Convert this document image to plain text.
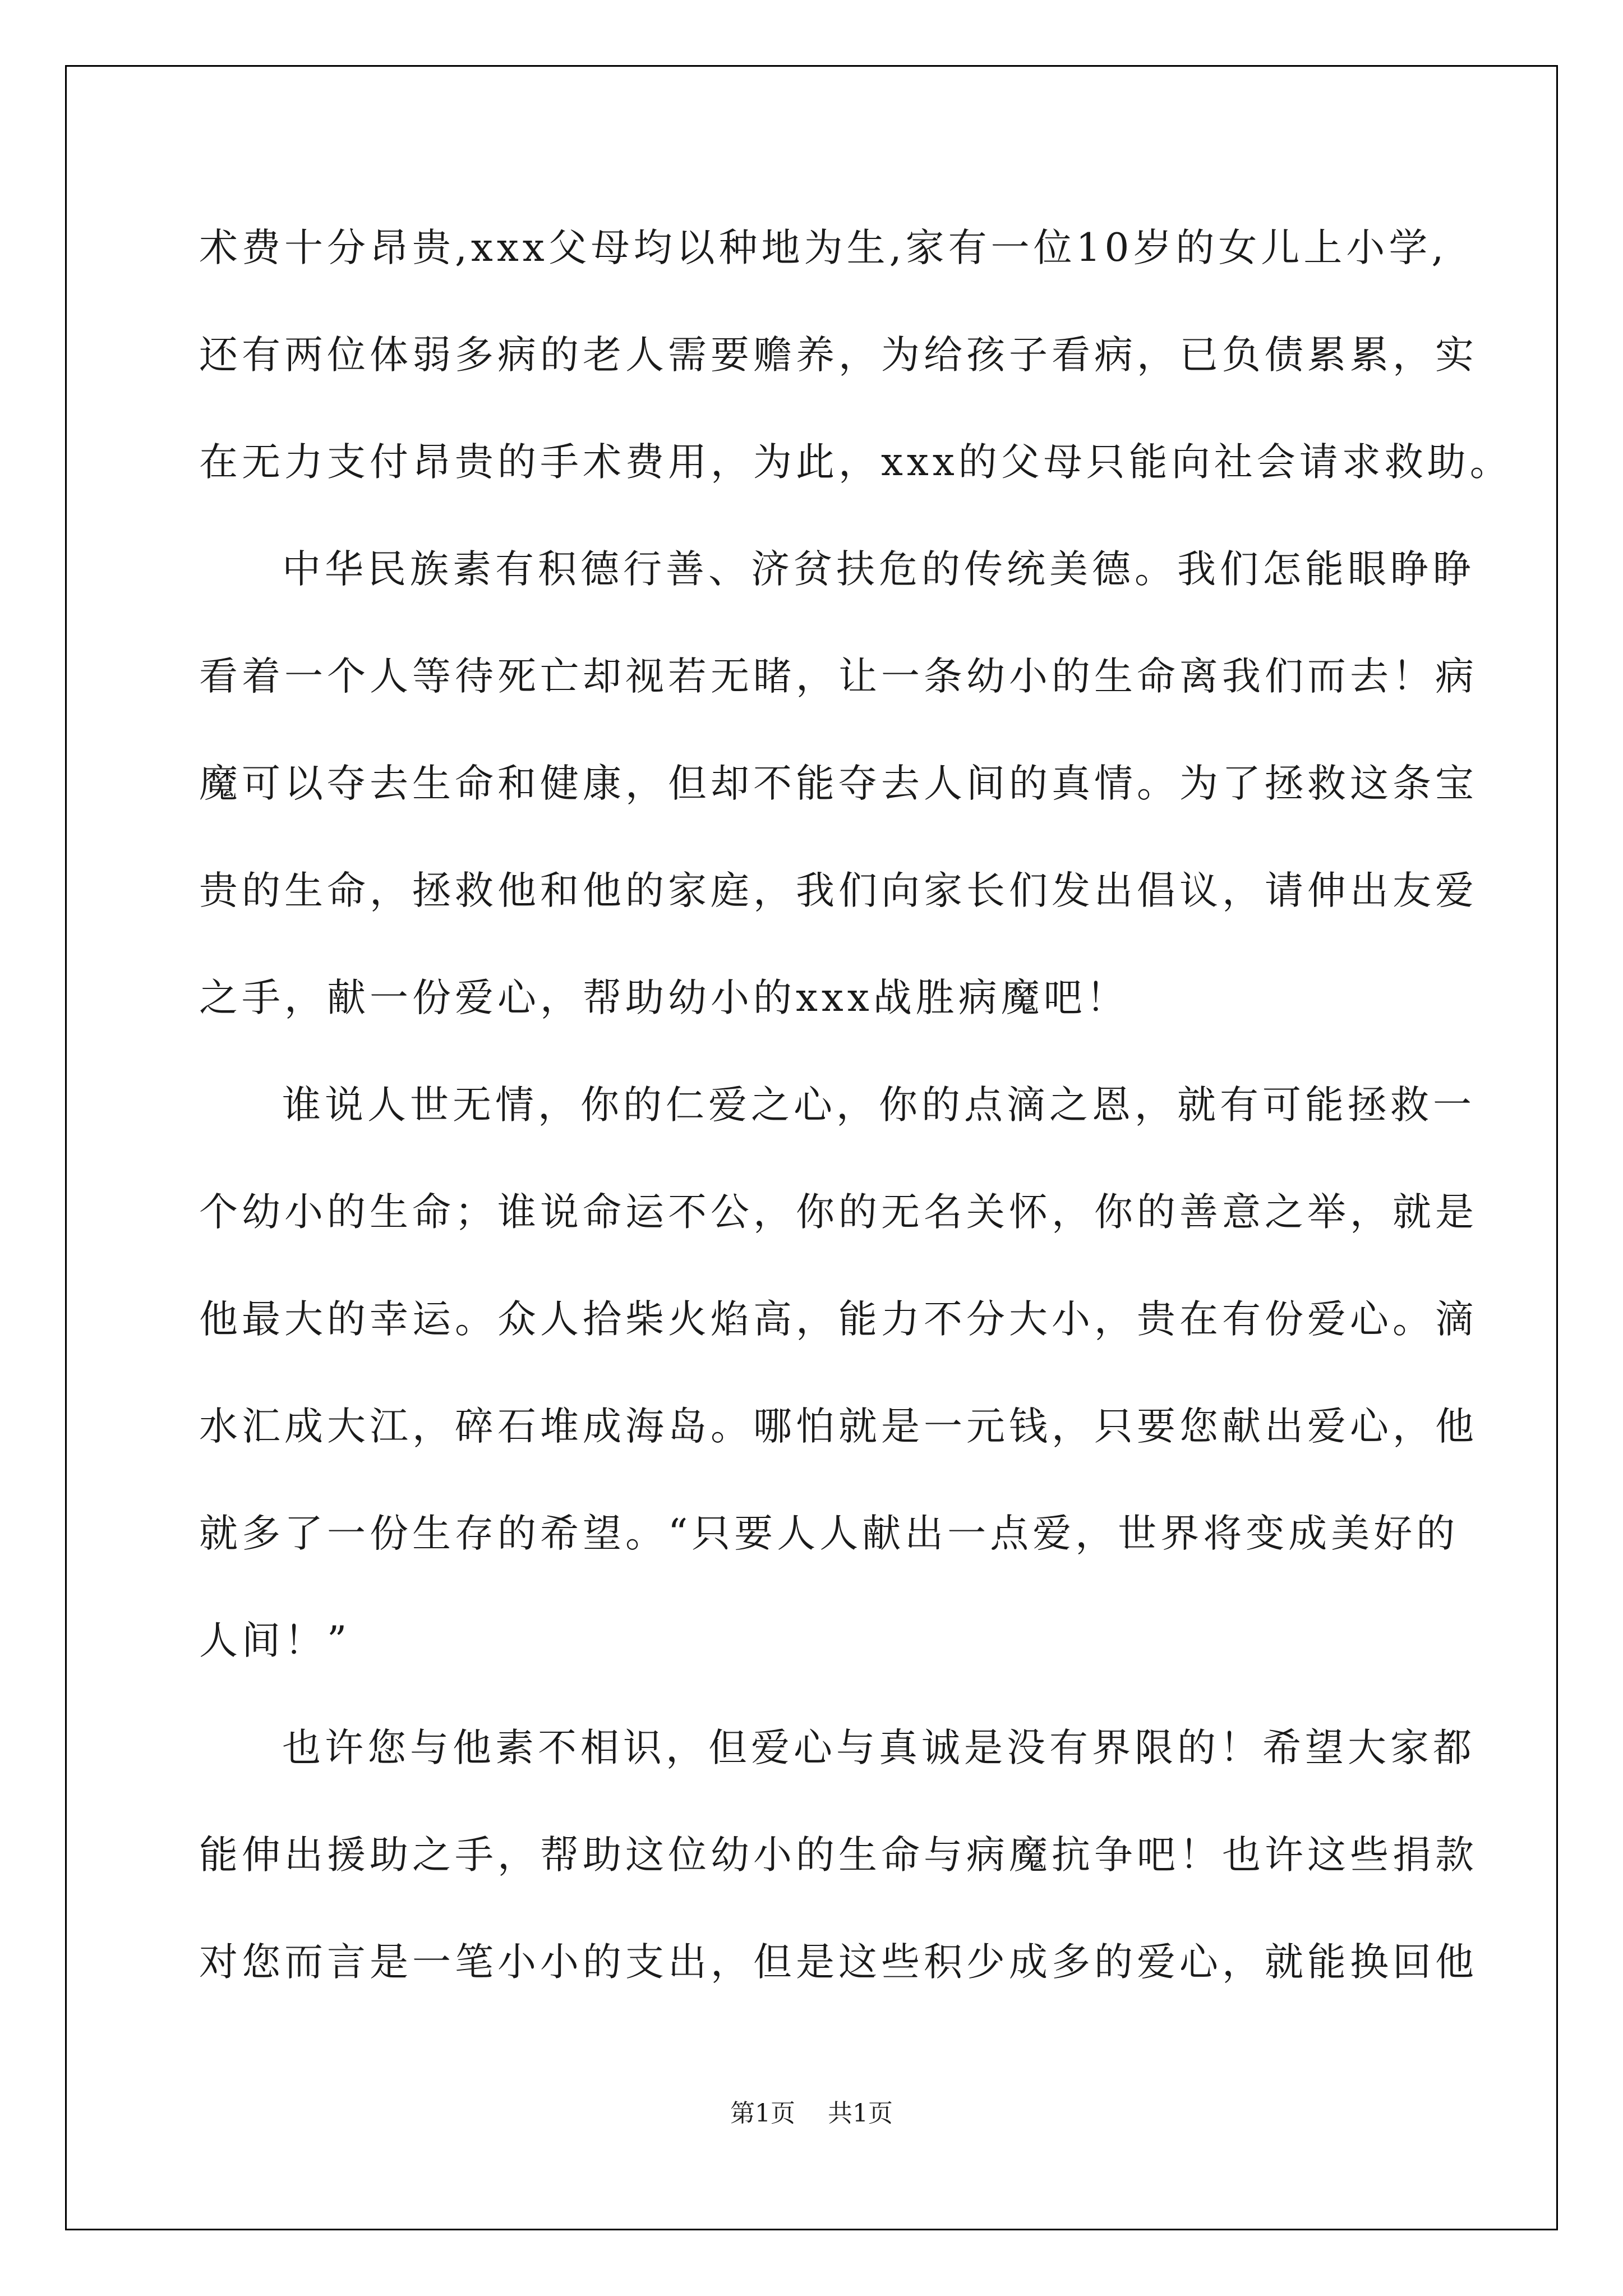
术费十分昂贵,xxx父母均以种地为生,家有一位10岁的女儿上小学,
还有两位体弱多病的老人需要赡养，为给孩子看病，已负债累累，实
在无力支付昂贵的手术费用，为此，xxx的父母只能向社会请求救助。
中华民族素有积德行善、济贫扶危的传统美德。我们怎能眼睁睁
看着一个人等待死亡却视若无睹，让一条幼小的生命离我们而去！病
魔可以夺去生命和健康，但却不能夺去人间的真情。为了拯救这条宝
贵的生命，拯救他和他的家庭，我们向家长们发出倡议，请伸出友爱
之手，献一份爱心，帮助幼小的xxx战胜病魔吧！
谁说人世无情，你的仁爱之心，你的点滴之恩，就有可能拯救一
个幼小的生命；谁说命运不公，你的无名关怀，你的善意之举，就是
他最大的幸运。众人拾柴火焰高，能力不分大小，贵在有份爱心。滴
水汇成大江，碎石堆成海岛。哪怕就是一元钱，只要您献出爱心，他
就多了一份生存的希望。“只要人人献出一点爱，世界将变成美好的
人间！”
也许您与他素不相识，但爱心与真诚是没有界限的！希望大家都
能伸出援助之手，帮助这位幼小的生命与病魔抗争吧！也许这些捐款
对您而言是一笔小小的支出，但是这些积少成多的爱心，就能换回他
第1页 共1页
